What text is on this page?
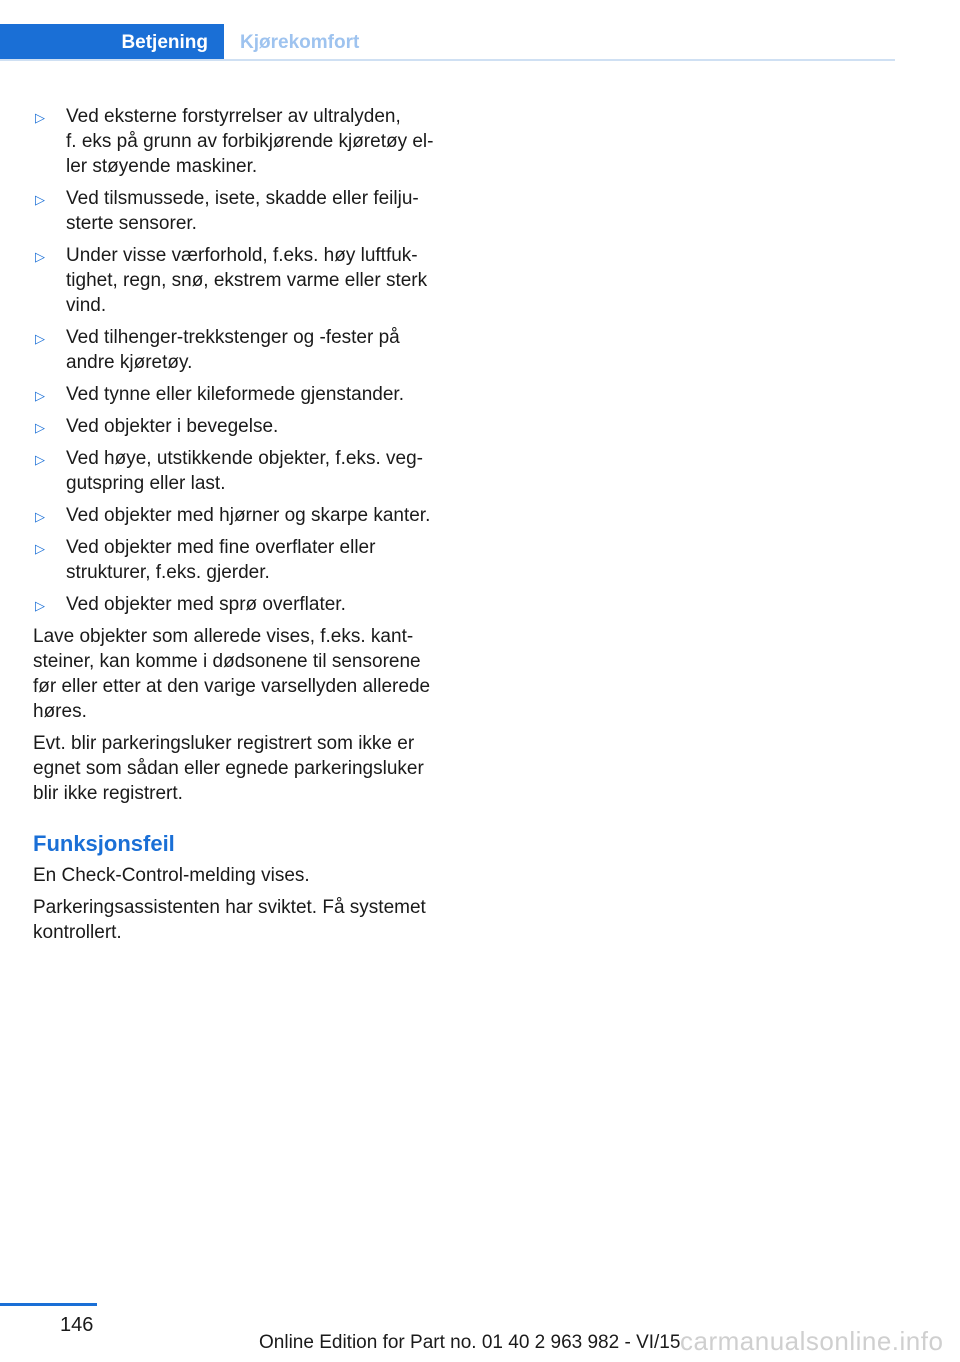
Betjening	Kjørekomfort
▷ Ved eksterne forstyrrelser av ultralyden,
f. eks på grunn av forbikjørende kjøretøy el-
ler støyende maskiner.
▷ Ved tilsmussede, isete, skadde eller feilju-
sterte sensorer.
▷ Under visse værforhold, f.eks. høy luftfuk-
tighet, regn, snø, ekstrem varme eller sterk
vind.
▷ Ved tilhenger-trekkstenger og -fester på
andre kjøretøy.
▷ Ved tynne eller kileformede gjenstander.
▷ Ved objekter i bevegelse.
▷ Ved høye, utstikkende objekter, f.eks. veg-
gutspring eller last.
▷ Ved objekter med hjørner og skarpe kanter.
▷ Ved objekter med fine overflater eller
strukturer, f.eks. gjerder.
▷ Ved objekter med sprø overflater.

Lave objekter som allerede vises, f.eks. kant-
steiner, kan komme i dødsonene til sensorene
før eller etter at den varige varsellyden allerede
høres.

Evt. blir parkeringsluker registrert som ikke er
egnet som sådan eller egnede parkeringsluker
blir ikke registrert.

Funksjonsfeil

En Check-Control-melding vises.

Parkeringsassistenten har sviktet. Få systemet
kontrollert.

146
Online Edition for Part no. 01 40 2 963 982 - VI/15 carmanualsonline.info
